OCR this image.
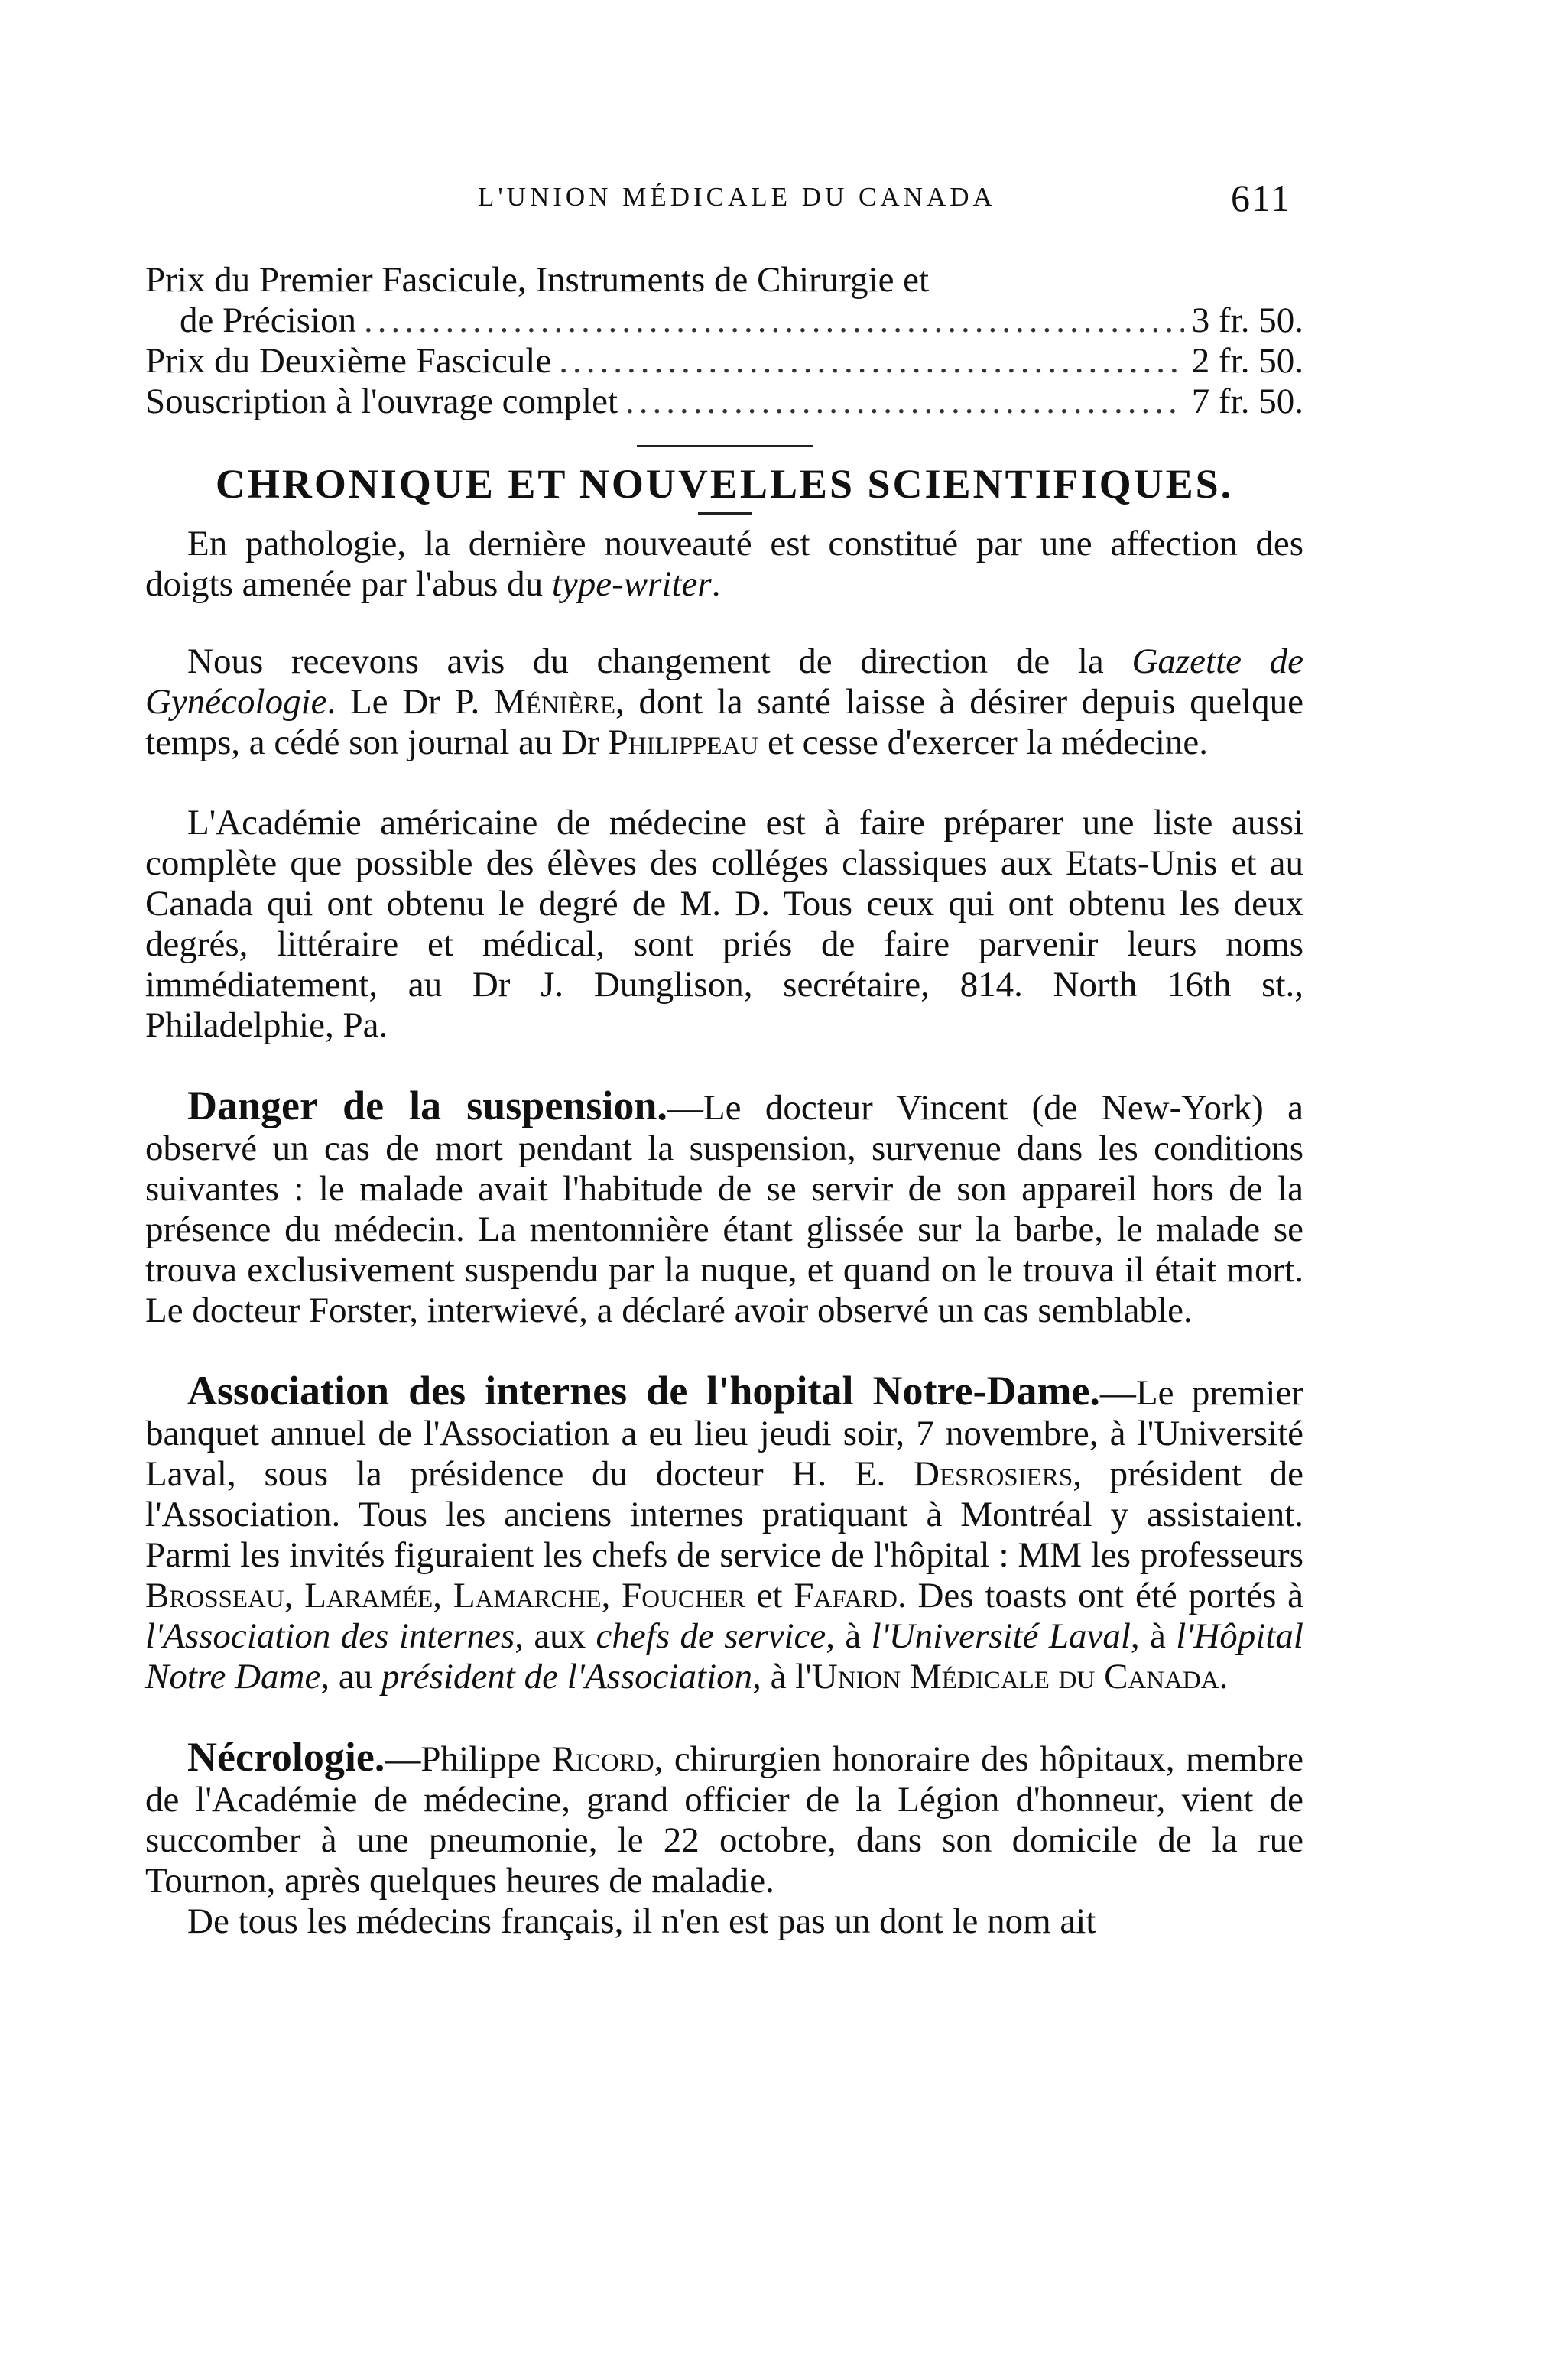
L'UNION MÉDICALE DU CANADA	611
Prix du Premier Fascicule, Instruments de Chirurgie et
de Précision .....	3 fr. 50.
Prix du Deuxième Fascicule .....	2 fr. 50.
Souscription à l'ouvrage complet .....	7 fr. 50.
CHRONIQUE ET NOUVELLES SCIENTIFIQUES.

En pathologie, la dernière nouveauté est constitué par une affection des doigts amenée par l'abus du type-writer.

Nous recevons avis du changement de direction de la Gazette de Gynécologie. Le Dr P. Ménière, dont la santé laisse à désirer depuis quelque temps, a cédé son journal au Dr Philippeau et cesse d'exercer la médecine.

L'Académie américaine de médecine est à faire préparer une liste aussi complète que possible des élèves des colléges classiques aux Etats-Unis et au Canada qui ont obtenu le degré de M. D. Tous ceux qui ont obtenu les deux degrés, littéraire et médical, sont priés de faire parvenir leurs noms immédiatement, au Dr J. Dunglison, secrétaire, 814. North 16th st., Philadelphie, Pa.

Danger de la suspension.—Le docteur Vincent (de New-York) a observé un cas de mort pendant la suspension, survenue dans les conditions suivantes : le malade avait l'habitude de se servir de son appareil hors de la présence du médecin. La mentonnière étant glissée sur la barbe, le malade se trouva exclusivement suspendu par la nuque, et quand on le trouva il était mort. Le docteur Forster, interwievé, a déclaré avoir observé un cas semblable.

Association des internes de l'hopital Notre-Dame.—Le premier banquet annuel de l'Association a eu lieu jeudi soir, 7 novembre, à l'Université Laval, sous la présidence du docteur H. E. Desrosiers, président de l'Association. Tous les anciens internes pratiquant à Montréal y assistaient. Parmi les invités figuraient les chefs de service de l'hôpital : MM les professeurs Brosseau, Laramée, Lamarche, Foucher et Fafard. Des toasts ont été portés à l'Association des internes, aux chefs de service, à l'Université Laval, à l'Hôpital Notre Dame, au président de l'Association, à l'Union Médicale du Canada.

Nécrologie.—Philippe Ricord, chirurgien honoraire des hôpitaux, membre de l'Académie de médecine, grand officier de la Légion d'honneur, vient de succomber à une pneumonie, le 22 octobre, dans son domicile de la rue Tournon, après quelques heures de maladie.

De tous les médecins français, il n'en est pas un dont le nom ait
